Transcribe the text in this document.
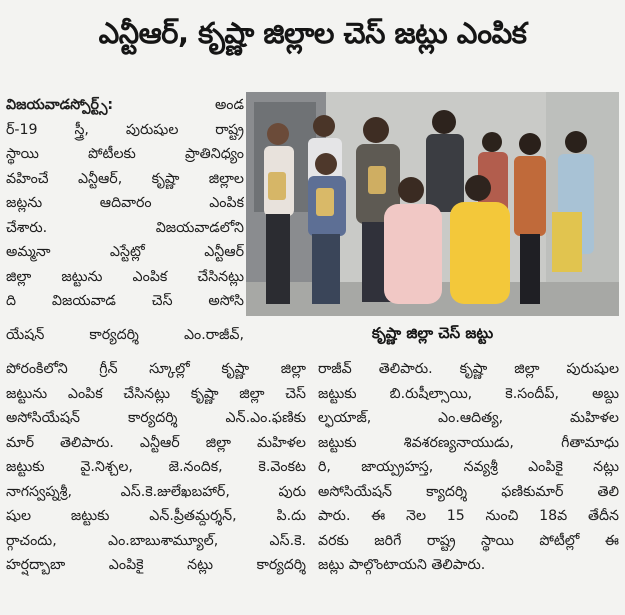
ఎన్టీఆర్, కృష్ణా జిల్లాల చెస్ జట్లు ఎంపిక
కృష్ణా జిల్లా చెస్ జట్టు
విజయవాడస్పోర్ట్స్:	అండ
ర్-19 స్త్రీ, పురుషుల రాష్ట్ర
స్థాయి పోటీలకు ప్రాతినిధ్యం
వహించే ఎన్టీఆర్, కృష్ణా జిల్లాల
జట్లను ఆదివారం ఎంపిక
చేశారు. విజయవాడలోని
అమ్మనా ఎస్టేట్లో ఎన్టీఆర్
జిల్లా జట్టును ఎంపిక చేసినట్లు
ది విజయవాడ చెస్ అసోసి
యేషన్ కార్యదర్శి ఎం.రాజీవ్,
పోరంకిలోని గ్రీన్ స్కూల్లో కృష్ణా జిల్లా
జట్టును ఎంపిక చేసినట్లు కృష్ణా జిల్లా చెస్
అసోసియేషన్ కార్యదర్శి ఎన్.ఎం.ఫణికు
మార్ తెలిపారు. ఎన్టీఆర్ జిల్లా మహిళల
జట్టుకు వై.నిశ్చల, జె.నందిక, కె.వెంకట
నాగస్వప్నశ్రీ, ఎస్.కె.జులేఖబహార్, పురు
షుల జట్టుకు ఎన్.ప్రీతమ్దర్శన్, పి.దు
ర్గాచందు, ఎం.బాబుశామ్యూల్, ఎస్.కె.
హర్షద్బాబా ఎంపికై నట్లు కార్యదర్శి
రాజీవ్ తెలిపారు. కృష్ణా జిల్లా పురుషుల
జట్టుకు బి.రుషీల్సాయి, కె.సందీప్, అబ్దు
ల్ఫయాజ్, ఎం.ఆదిత్య, మహిళల
జట్టుకు శివశరణ్యనాయుడు, గీతామాధు
రి, జాయ్ప్రహస్త, నవ్యశ్రీ ఎంపికై నట్లు
అసోసియేషన్ క్యాదర్శి ఫణికుమార్ తెలి
పారు. ఈ నెల 15 నుంచి 18వ తేదీన
వరకు జరిగే రాష్ట్ర స్థాయి పోటీల్లో ఈ
జట్లు పాల్గొంటాయని తెలిపారు.
